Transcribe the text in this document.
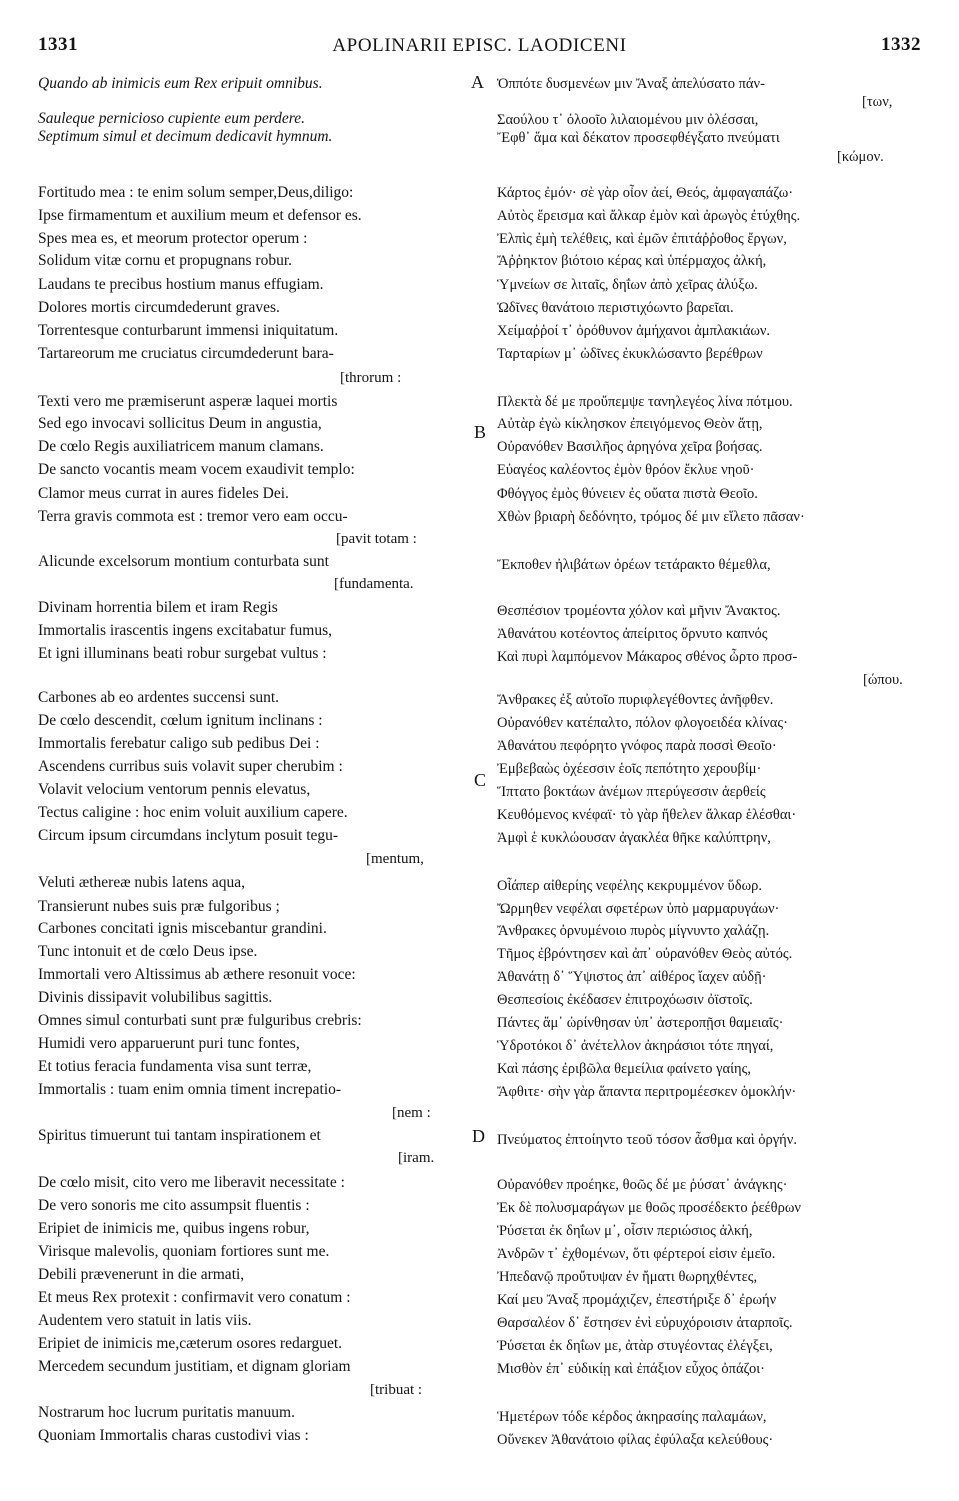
1331	APOLINARII EPISC. LAODICENI	1332
Quando ab inimicis eum Rex eripuit omnibus.
Sauleque pernicioso cupiente eum perdere.
Septimum simul et decimum dedicavit hymnum.
Fortitudo mea : te enim solum semper,Deus,diligo:
Ipse firmamentum et auxilium meum et defensor es.
Spes mea es, et meorum protector operum :
Solidum vitæ cornu et propugnans robur.
Laudans te precibus hostium manus effugiam.
Dolores mortis circumdederunt graves.
Torrentesque conturbarunt immensi iniquitatum.
Tartareorum me cruciatus circumdederunt bara-
[throrum :
Texti vero me præmiserunt asperæ laquei mortis
Sed ego invocavi sollicitus Deum in angustia,
De cœlo Regis auxiliatricem manum clamans.
De sancto vocantis meam vocem exaudivit templo:
Clamor meus currat in aures fideles Dei.
Terra gravis commota est : tremor vero eam occu-
[pavit totam :
Alicunde excelsorum montium conturbata sunt
[fundamenta.
Divinam horrentia bilem et iram Regis
Immortalis irascentis ingens excitabatur fumus,
Et igni illuminans beati robur surgebat vultus :
Carbones ab eo ardentes succensi sunt.
De cœlo descendit, cœlum ignitum inclinans :
Immortalis ferebatur caligo sub pedibus Dei :
Ascendens curribus suis volavit super cherubim :
Volavit velocium ventorum pennis elevatus,
Tectus caligine : hoc enim voluit auxilium capere.
Circum ipsum circumdans inclytum posuit tegu-
[mentum,
Veluti æthereæ nubis latens aqua,
Transierunt nubes suis præ fulgoribus ;
Carbones concitati ignis miscebantur grandini.
Tunc intonuit et de cœlo Deus ipse.
Immortali vero Altissimus ab æthere resonuit voce:
Divinis dissipavit volubilibus sagittis.
Omnes simul conturbati sunt præ fulguribus crebris:
Humidi vero apparuerunt puri tunc fontes,
Et totius feracia fundamenta visa sunt terræ,
Immortalis : tuam enim omnia timent increpatio-
[nem :
Spiritus timuerunt tui tantam inspirationem et
[iram.
De cœlo misit, cito vero me liberavit necessitate :
De vero sonoris me cito assumpsit fluentis :
Eripiet de inimicis me, quibus ingens robur,
Virisque malevolis, quoniam fortiores sunt me.
Debili prævenerunt in die armati,
Et meus Rex protexit : confirmavit vero conatum :
Audentem vero statuit in latis viis.
Eripiet de inimicis me,cæterum osores redarguet.
Mercedem secundum justitiam, et dignam gloriam
[tribuat :
Nostrarum hoc lucrum puritatis manuum.
Quoniam Immortalis charas custodivi vias :
A
B
C
D
Ὁππότε δυσμενέων μιν Ἄναξ ἀπελύσατο πάν-
[των,
Σαούλου τ᾿ ὀλοοῖο λιλαιομένου μιν ὀλέσσαι,
Ἔφθ᾿ ἅμα καὶ δέκατον προσεφθέγξατο πνεύματι
[κώμον.
Κάρτος ἐμόν· σὲ γὰρ οἶον ἀεί, Θεός, ἀμφαγαπάζω·
Αὐτὸς ἔρεισμα καὶ ἄλκαρ ἐμὸν καὶ ἀρωγὸς ἐτύχθης.
Ἐλπὶς ἐμὴ τελέθεις, καὶ ἐμῶν ἐπιτάῤῥοθος ἔργων,
Ἄῤῥηκτον βιότοιο κέρας καὶ ὑπέρμαχος ἀλκή,
Ὑμνείων σε λιταῖς, δηΐων ἀπὸ χεῖρας ἀλύξω.
Ὠδῖνες θανάτοιο περιστιχόωντο βαρεῖαι.
Χείμαῤῥοί τ᾿ ὀρόθυνον ἀμήχανοι ἀμπλακιάων.
Ταρταρίων μ᾿ ὠδῖνες ἐκυκλώσαντο βερέθρων
Πλεκτὰ δέ με προὔπεμψε τανηλεγέος λίνα πότμου.
Αὐτὰρ ἐγὼ κίκλησκον ἐπειγόμενος Θεὸν ἄτῃ,
Οὐρανόθεν Βασιλῆος ἀρηγόνα χεῖρα βοήσας.
Εὐαγέος καλέοντος ἐμὸν θρόον ἔκλυε νηοῦ·
Φθόγγος ἐμὸς θύνειεν ἐς οὔατα πιστὰ Θεοῖο.
Χθὼν βριαρὴ δεδόνητο, τρόμος δέ μιν εἵλετο πᾶσαν·
Ἔκποθεν ἠλιβάτων ὀρέων τετάρακτο θέμεθλα,
Θεσπέσιον τρομέοντα χόλον καὶ μῆνιν Ἄνακτος.
Ἀθανάτου κοτέοντος ἀπείριτος ὄρνυτο καπνός
Καὶ πυρὶ λαμπόμενον Μάκαρος σθένος ὦρτο προσ-
[ώπου.
Ἄνθρακες ἐξ αὐτοῖο πυριφλεγέθοντες ἀνῆφθεν.
Οὐρανόθεν κατέπαλτο, πόλον φλογοειδέα κλίνας·
Ἀθανάτου πεφόρητο γνόφος παρὰ ποσσὶ Θεοῖο·
Ἐμβεβαὼς ὀχέεσσιν ἑοῖς πεπότητο χερουβίμ·
Ἵπτατο βοκτάων ἀνέμων πτερύγεσσιν ἀερθείς
Κευθόμενος κνέφαϊ· τὸ γὰρ ἤθελεν ἄλκαρ ἑλέσθαι·
Ἀμφὶ ἑ κυκλώουσαν ἀγακλέα θῆκε καλύπτρην,
Οἷάπερ αἰθερίης νεφέλης κεκρυμμένον ὕδωρ.
Ὤρμηθεν νεφέλαι σφετέρων ὑπὸ μαρμαρυγάων·
Ἄνθρακες ὀρνυμένοιο πυρὸς μίγνυντο χαλάζῃ.
Τῆμος ἐβρόντησεν καὶ ἀπ᾿ οὐρανόθεν Θεὸς αὐτός.
Ἀθανάτῃ δ᾿ Ὕψιστος ἀπ᾿ αἰθέρος ἴαχεν αὐδῇ·
Θεσπεσίοις ἐκέδασεν ἐπιτροχόωσιν ὀϊστοῖς.
Πάντες ἅμ᾿ ὠρίνθησαν ὑπ᾿ ἀστεροπῇσι θαμειαῖς·
Ὑδροτόκοι δ᾿ ἀνέτελλον ἀκηράσιοι τότε πηγαί,
Καὶ πάσης ἐριβῶλα θεμείλια φαίνετο γαίης,
Ἄφθιτε· σὴν γὰρ ἅπαντα περιτρομέεσκεν ὁμοκλήν·
Πνεύματος ἐπτοίηντο τεοῦ τόσον ἆσθμα καὶ ὀργήν.
Οὐρανόθεν προέηκε, θοῶς δέ με ῥύσατ᾿ ἀνάγκης·
Ἐκ δὲ πολυσμαράγων με θοῶς προσέδεκτο ῥεέθρων
Ῥύσεται ἐκ δηΐων μ᾿, οἷσιν περιώσιος ἀλκή,
Ἀνδρῶν τ᾿ ἐχθομένων, ὅτι φέρτεροί εἰσιν ἐμεῖο.
Ἠπεδανῷ προὔτυψαν ἐν ἤματι θωρηχθέντες,
Καί μευ Ἄναξ προμάχιζεν, ἐπεστήριξε δ᾿ ἐρωήν
Θαρσαλέον δ᾿ ἔστησεν ἐνὶ εὐρυχόροισιν ἀταρποῖς.
Ῥύσεται ἐκ δηΐων με, ἀτὰρ στυγέοντας ἐλέγξει,
Μισθὸν ἐπ᾿ εὐδικίῃ καὶ ἐπάξιον εὖχος ὀπάζοι·
Ἡμετέρων τόδε κέρδος ἀκηρασίης παλαμάων,
Οὕνεκεν Ἀθανάτοιο φίλας ἐφύλαξα κελεύθους·
